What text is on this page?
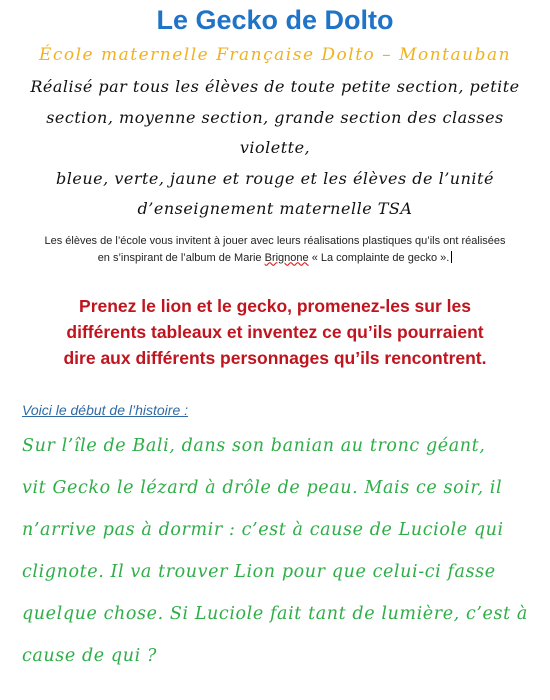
Le Gecko de Dolto
École maternelle Française Dolto – Montauban
Réalisé par tous les élèves de toute petite section, petite
section, moyenne section, grande section des classes violette,
bleue, verte, jaune et rouge et les élèves de l’unité
d’enseignement maternelle TSA
Les élèves de l’école vous invitent à jouer avec leurs réalisations plastiques qu’ils ont réalisées
en s’inspirant de l’album de Marie Brignone « La complainte de gecko ».
Prenez le lion et le gecko, promenez-les sur les
différents tableaux et inventez ce qu’ils pourraient
dire aux différents personnages qu’ils rencontrent.
Voici le début de l’histoire :
Sur l’île de Bali, dans son banian au tronc géant,
vit Gecko le lézard à drôle de peau. Mais ce soir, il
n’arrive pas à dormir : c’est à cause de Luciole qui
clignote. Il va trouver Lion pour que celui-ci fasse
quelque chose. Si Luciole fait tant de lumière, c’est à
cause de qui ?
